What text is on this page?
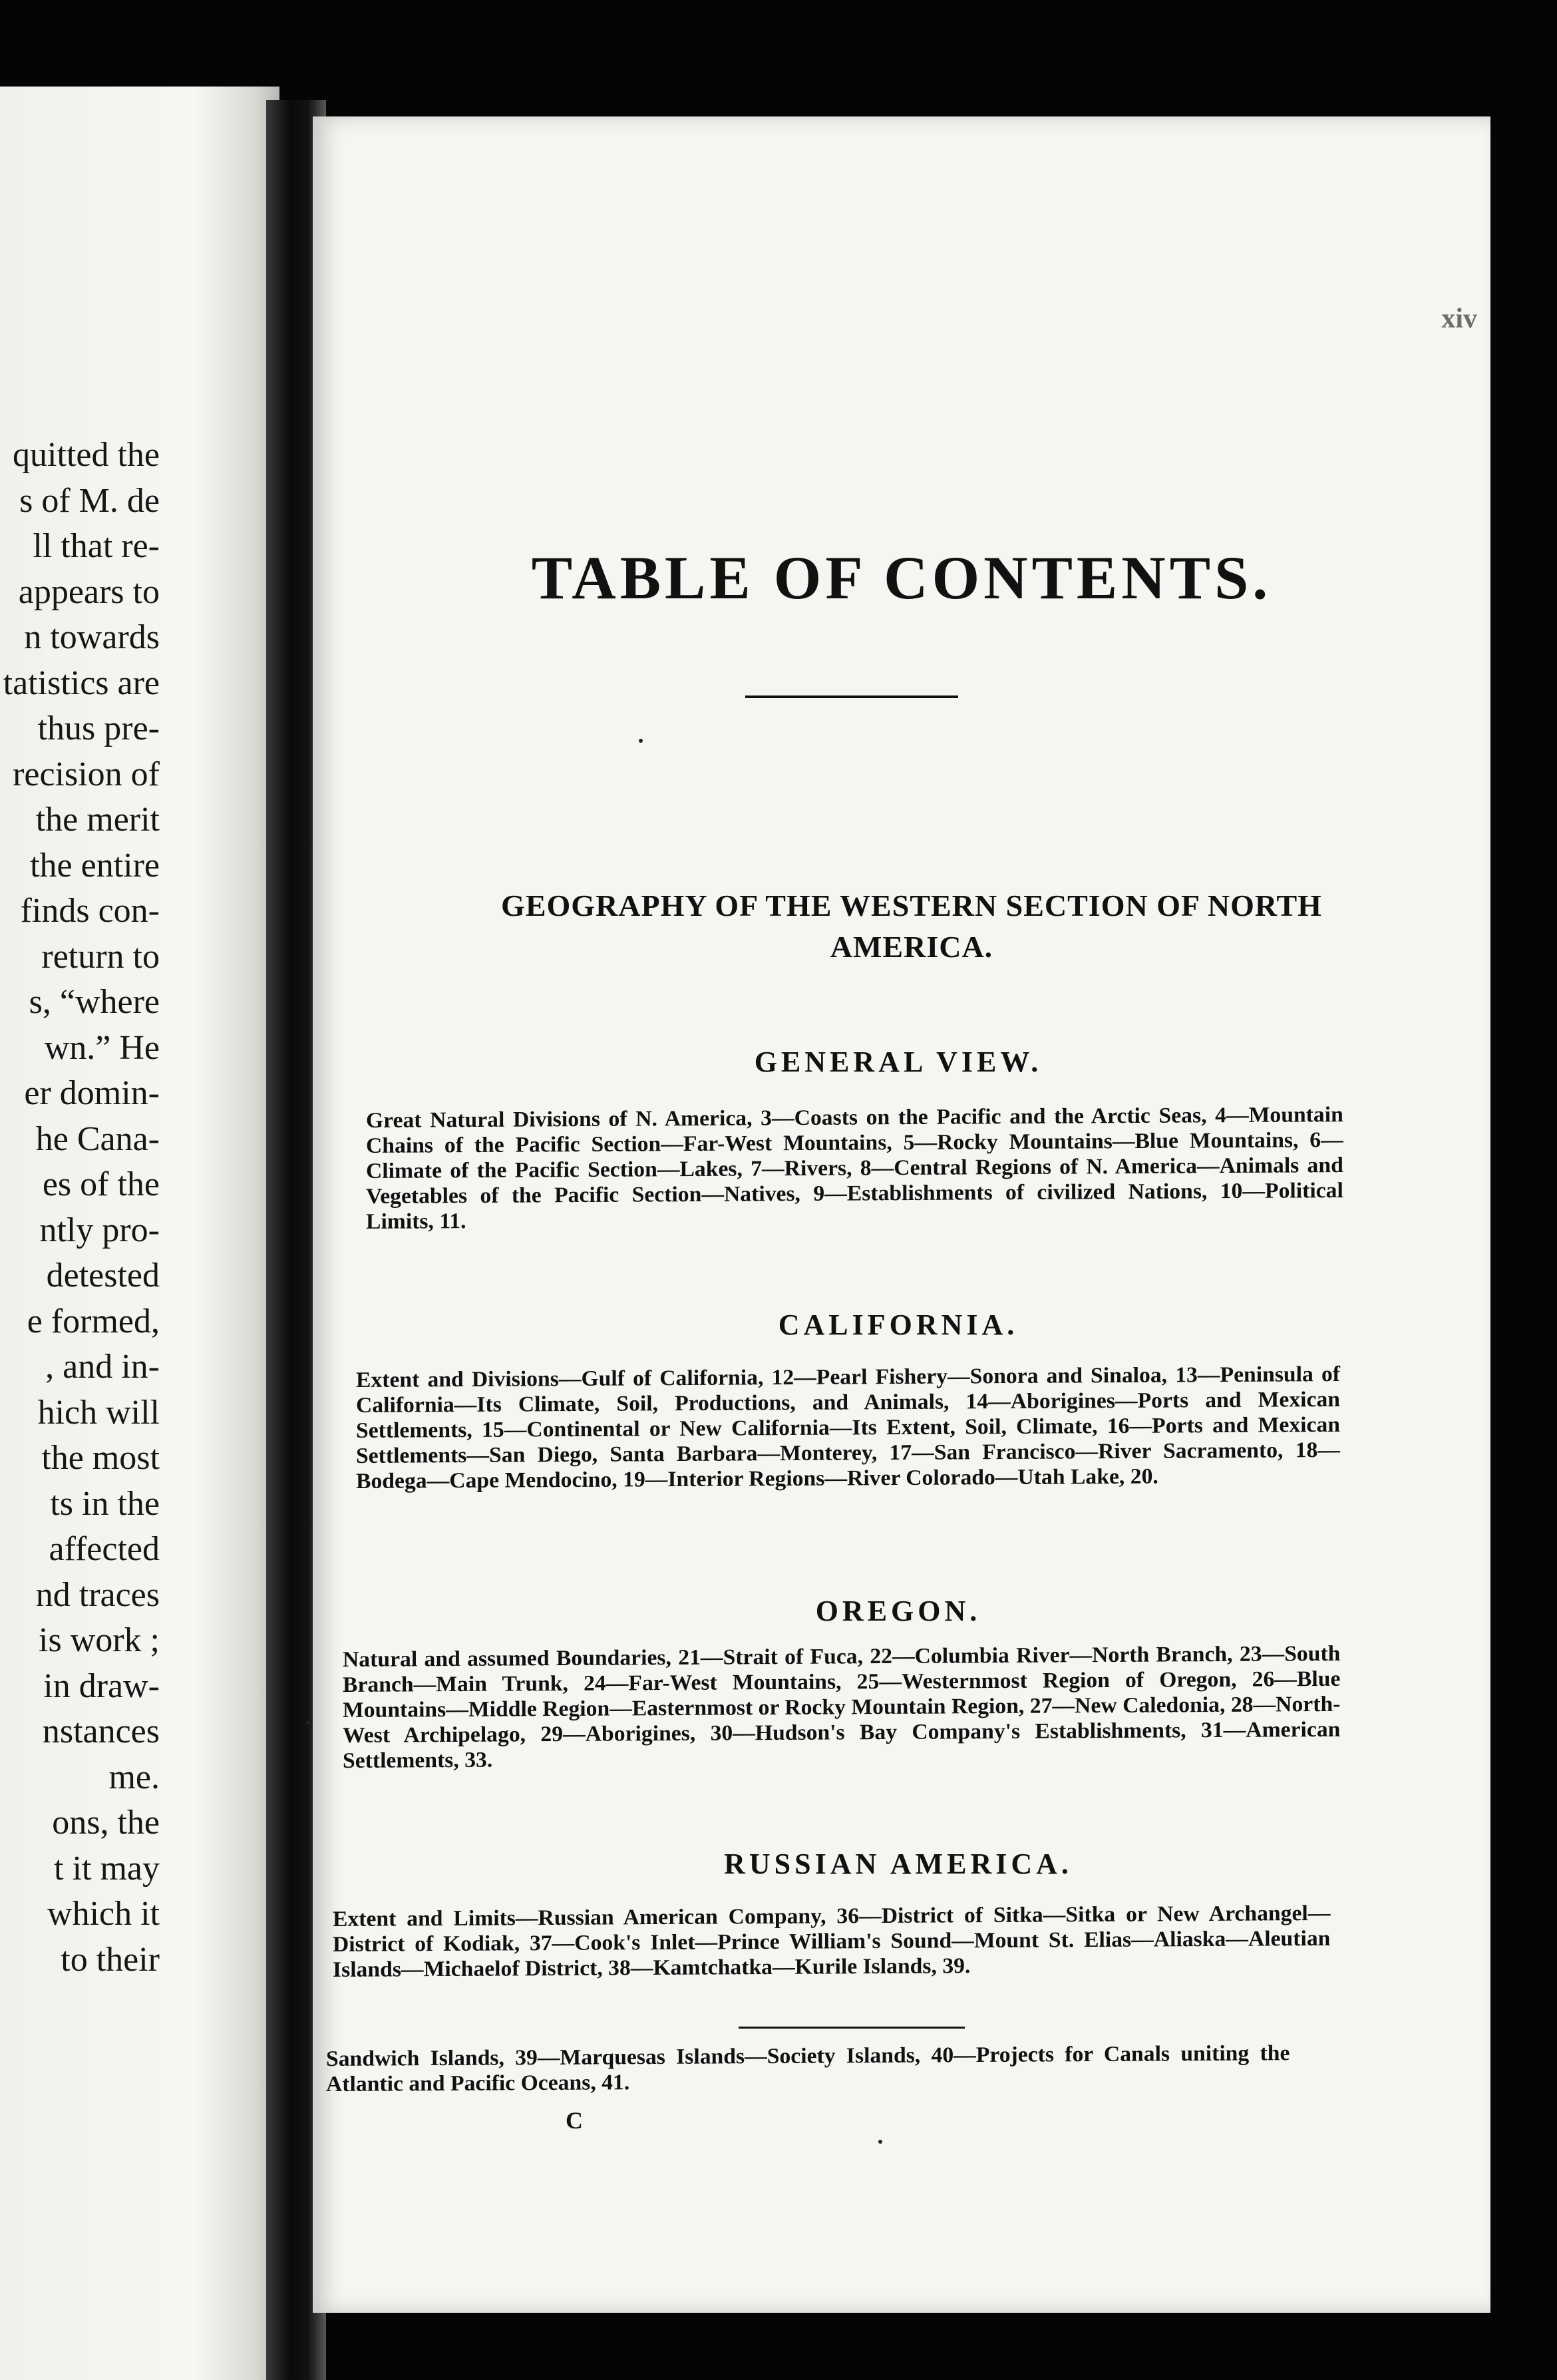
quitted the
s of M. de
ll that re-
appears to
n towards
tatistics are
thus pre-
recision of
the merit
the entire
finds con-
return to
s, “where
wn.” He
er domin-
he Cana-
es of the
ntly pro-
detested
e formed,
, and in-
hich will
the most
ts in the
affected
nd traces
is work ;
in draw-
nstances
me.
ons, the
t it may
which it
to their
xiv
TABLE OF CONTENTS.
GEOGRAPHY OF THE WESTERN SECTION OF NORTH AMERICA.
GENERAL VIEW.
Great Natural Divisions of N. America, 3—Coasts on the Pacific and the Arctic Seas, 4—Mountain Chains of the Pacific Section—Far-West Mountains, 5—Rocky Mountains—Blue Mountains, 6—Climate of the Pacific Section—Lakes, 7—Rivers, 8—Central Regions of N. America—Animals and Vegetables of the Pacific Section—Natives, 9—Establishments of civilized Nations, 10—Political Limits, 11.
CALIFORNIA.
Extent and Divisions—Gulf of California, 12—Pearl Fishery—Sonora and Sinaloa, 13—Peninsula of California—Its Climate, Soil, Productions, and Animals, 14—Aborigines—Ports and Mexican Settlements, 15—Continental or New California—Its Extent, Soil, Climate, 16—Ports and Mexican Settlements—San Diego, Santa Barbara—Monterey, 17—San Francisco—River Sacramento, 18—Bodega—Cape Mendocino, 19—Interior Regions—River Colorado—Utah Lake, 20.
OREGON.
Natural and assumed Boundaries, 21—Strait of Fuca, 22—Columbia River—North Branch, 23—South Branch—Main Trunk, 24—Far-West Mountains, 25—Westernmost Region of Oregon, 26—Blue Mountains—Middle Region—Easternmost or Rocky Mountain Region, 27—New Caledonia, 28—North-West Archipelago, 29—Aborigines, 30—Hudson's Bay Company's Establishments, 31—American Settlements, 33.
RUSSIAN AMERICA.
Extent and Limits—Russian American Company, 36—District of Sitka—Sitka or New Archangel—District of Kodiak, 37—Cook's Inlet—Prince William's Sound—Mount St. Elias—Aliaska—Aleutian Islands—Michaelof District, 38—Kamtchatka—Kurile Islands, 39.
Sandwich Islands, 39—Marquesas Islands—Society Islands, 40—Projects for Canals uniting the Atlantic and Pacific Oceans, 41.
C
